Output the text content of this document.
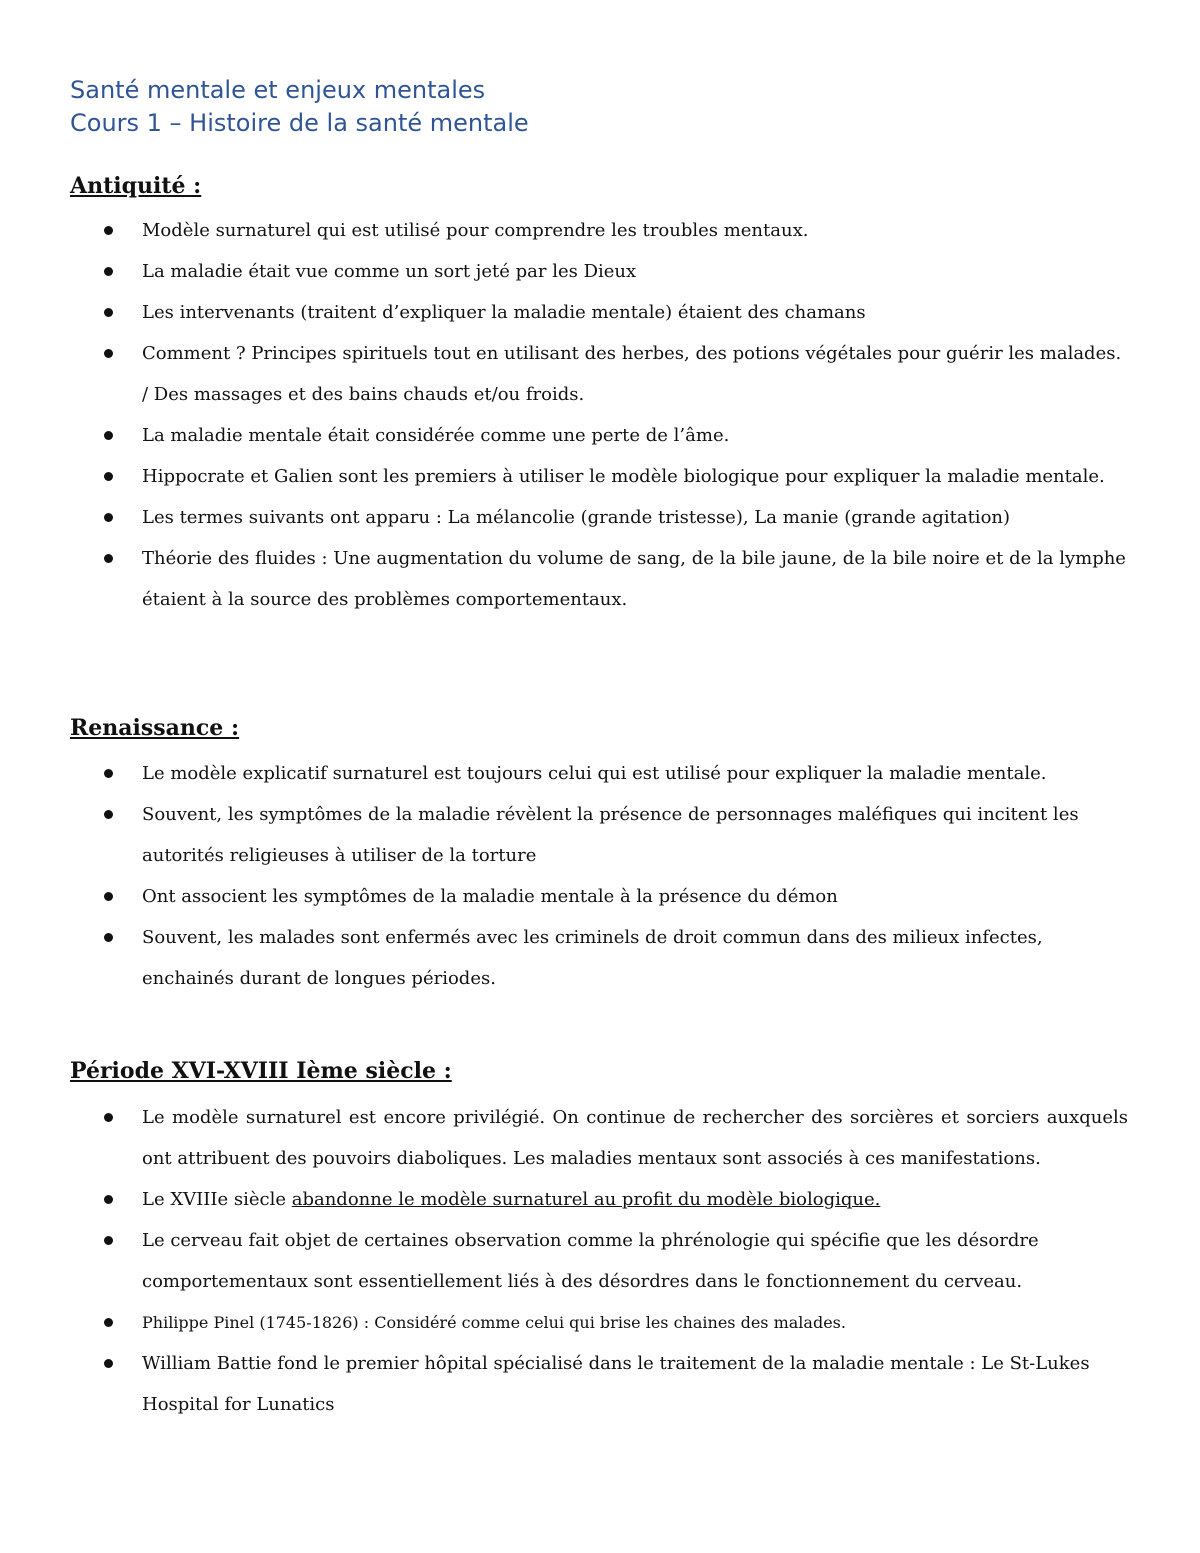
Santé mentale et enjeux mentales
Cours 1 – Histoire de la santé mentale
Antiquité :
Modèle surnaturel qui est utilisé pour comprendre les troubles mentaux.
La maladie était vue comme un sort jeté par les Dieux
Les intervenants (traitent d’expliquer la maladie mentale) étaient des chamans
Comment ? Principes spirituels tout en utilisant des herbes, des potions végétales pour guérir les malades. / Des massages et des bains chauds et/ou froids.
La maladie mentale était considérée comme une perte de l’âme.
Hippocrate et Galien sont les premiers à utiliser le modèle biologique pour expliquer la maladie mentale.
Les termes suivants ont apparu : La mélancolie (grande tristesse), La manie (grande agitation)
Théorie des fluides : Une augmentation du volume de sang, de la bile jaune, de la bile noire et de la lymphe étaient à la source des problèmes comportementaux.
Renaissance :
Le modèle explicatif surnaturel est toujours celui qui est utilisé pour expliquer la maladie mentale.
Souvent, les symptômes de la maladie révèlent la présence de personnages maléfiques qui incitent les autorités religieuses à utiliser de la torture
Ont associent les symptômes de la maladie mentale à la présence du démon
Souvent, les malades sont enfermés avec les criminels de droit commun dans des milieux infectes, enchainés durant de longues périodes.
Période XVI-XVIII Ième siècle :
Le modèle surnaturel est encore privilégié. On continue de rechercher des sorcières et sorciers auxquels ont attribuent des pouvoirs diaboliques. Les maladies mentaux sont associés à ces manifestations.
Le XVIIIe siècle abandonne le modèle surnaturel au profit du modèle biologique.
Le cerveau fait objet de certaines observation comme la phrénologie qui spécifie que les désordre comportementaux sont essentiellement liés à des désordres dans le fonctionnement du cerveau.
Philippe Pinel (1745-1826) : Considéré comme celui qui brise les chaines des malades.
William Battie fond le premier hôpital spécialisé dans le traitement de la maladie mentale : Le St-Lukes Hospital for Lunatics
